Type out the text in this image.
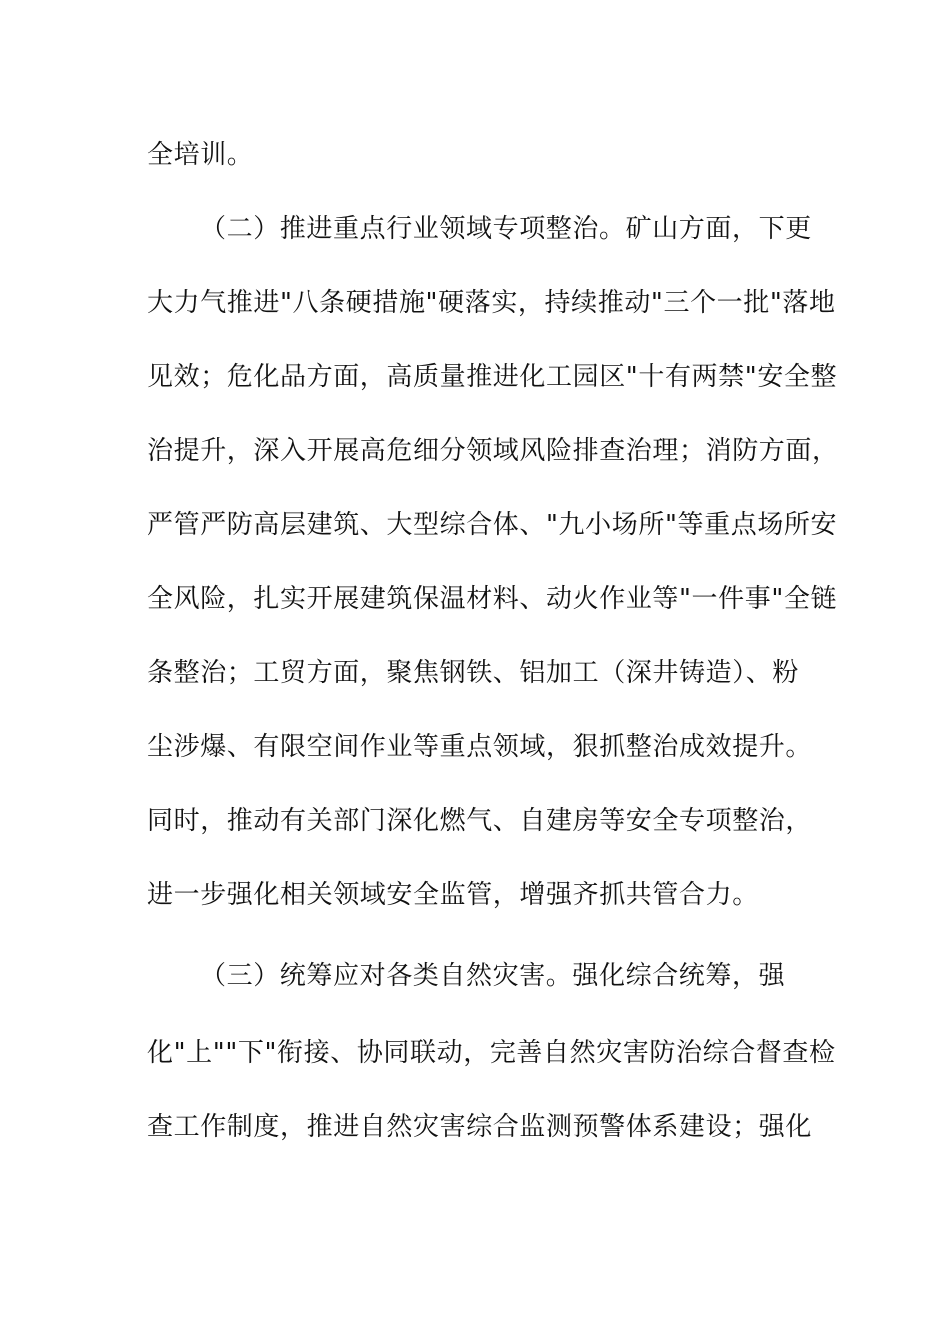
全培训。
（二）推进重点行业领域专项整治。矿山方面，下更
大力气推进"八条硬措施"硬落实，持续推动"三个一批"落地
见效；危化品方面，高质量推进化工园区"十有两禁"安全整
治提升，深入开展高危细分领域风险排查治理；消防方面，
严管严防高层建筑、大型综合体、"九小场所"等重点场所安
全风险，扎实开展建筑保温材料、动火作业等"一件事"全链
条整治；工贸方面，聚焦钢铁、铝加工（深井铸造）、粉
尘涉爆、有限空间作业等重点领域，狠抓整治成效提升。
同时，推动有关部门深化燃气、自建房等安全专项整治，
进一步强化相关领域安全监管，增强齐抓共管合力。
（三）统筹应对各类自然灾害。强化综合统筹，强
化"上""下"衔接、协同联动，完善自然灾害防治综合督查检
查工作制度，推进自然灾害综合监测预警体系建设；强化
